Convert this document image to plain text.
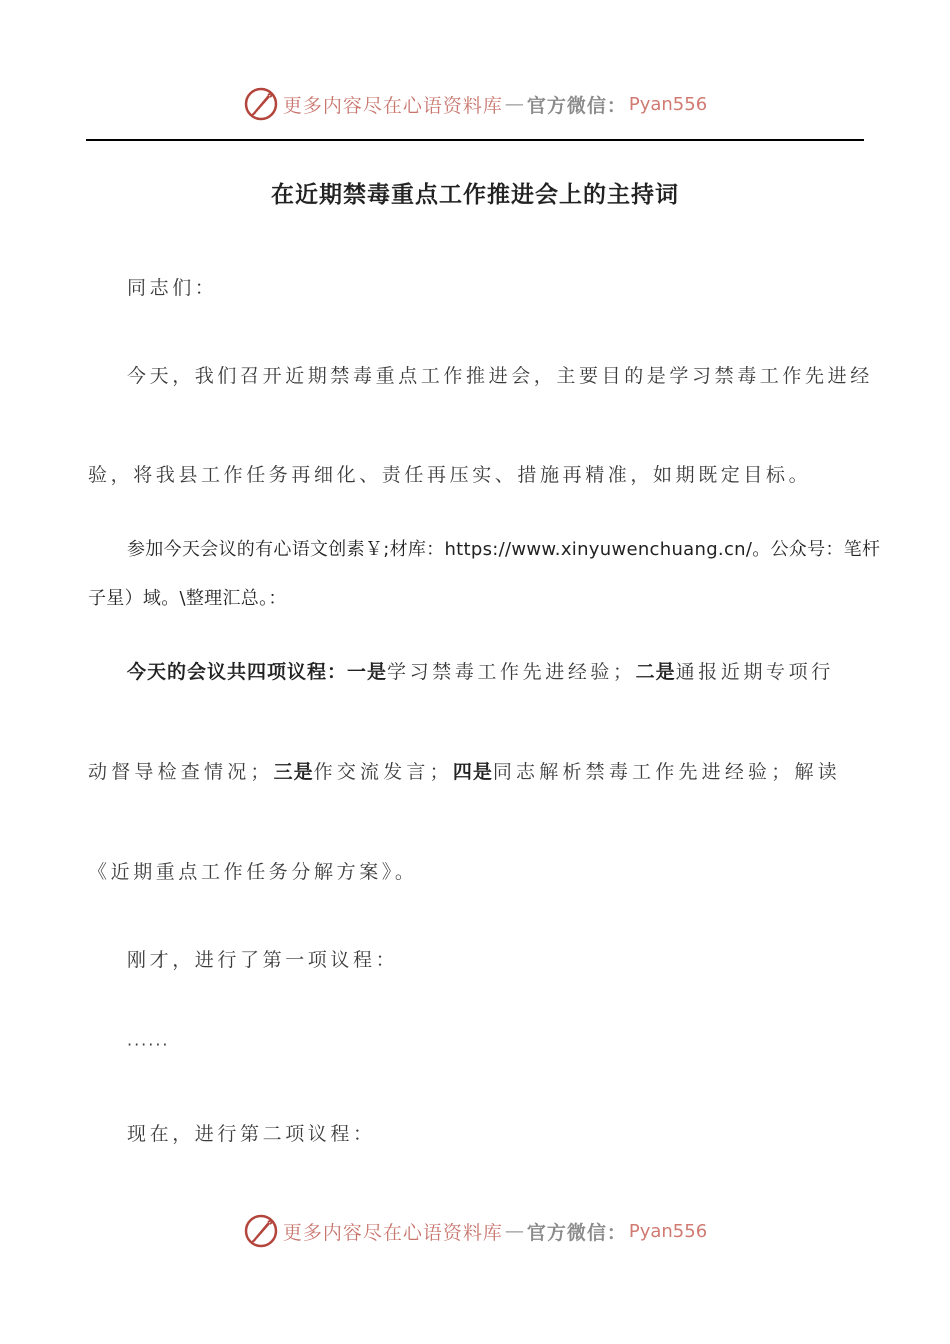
更多内容尽在心语资料库 — 官方微信： Pyan556
在近期禁毒重点工作推进会上的主持词
同志们：
今天，我们召开近期禁毒重点工作推进会，主要目的是学习禁毒工作先进经
验，将我县工作任务再细化、责任再压实、措施再精准，如期既定目标。
参加今天会议的有心语文创素￥;材库：https://www.xinyuwenchuang.cn/。公众号：笔杆
子星）域。\整理汇总。：
今天的会议共四项议程：一是学习禁毒工作先进经验；二是通报近期专项行
动督导检查情况；三是作交流发言；四是同志解析禁毒工作先进经验；解读
《近期重点工作任务分解方案》。
刚才，进行了第一项议程：
······
现在，进行第二项议程：
更多内容尽在心语资料库 — 官方微信： Pyan556
